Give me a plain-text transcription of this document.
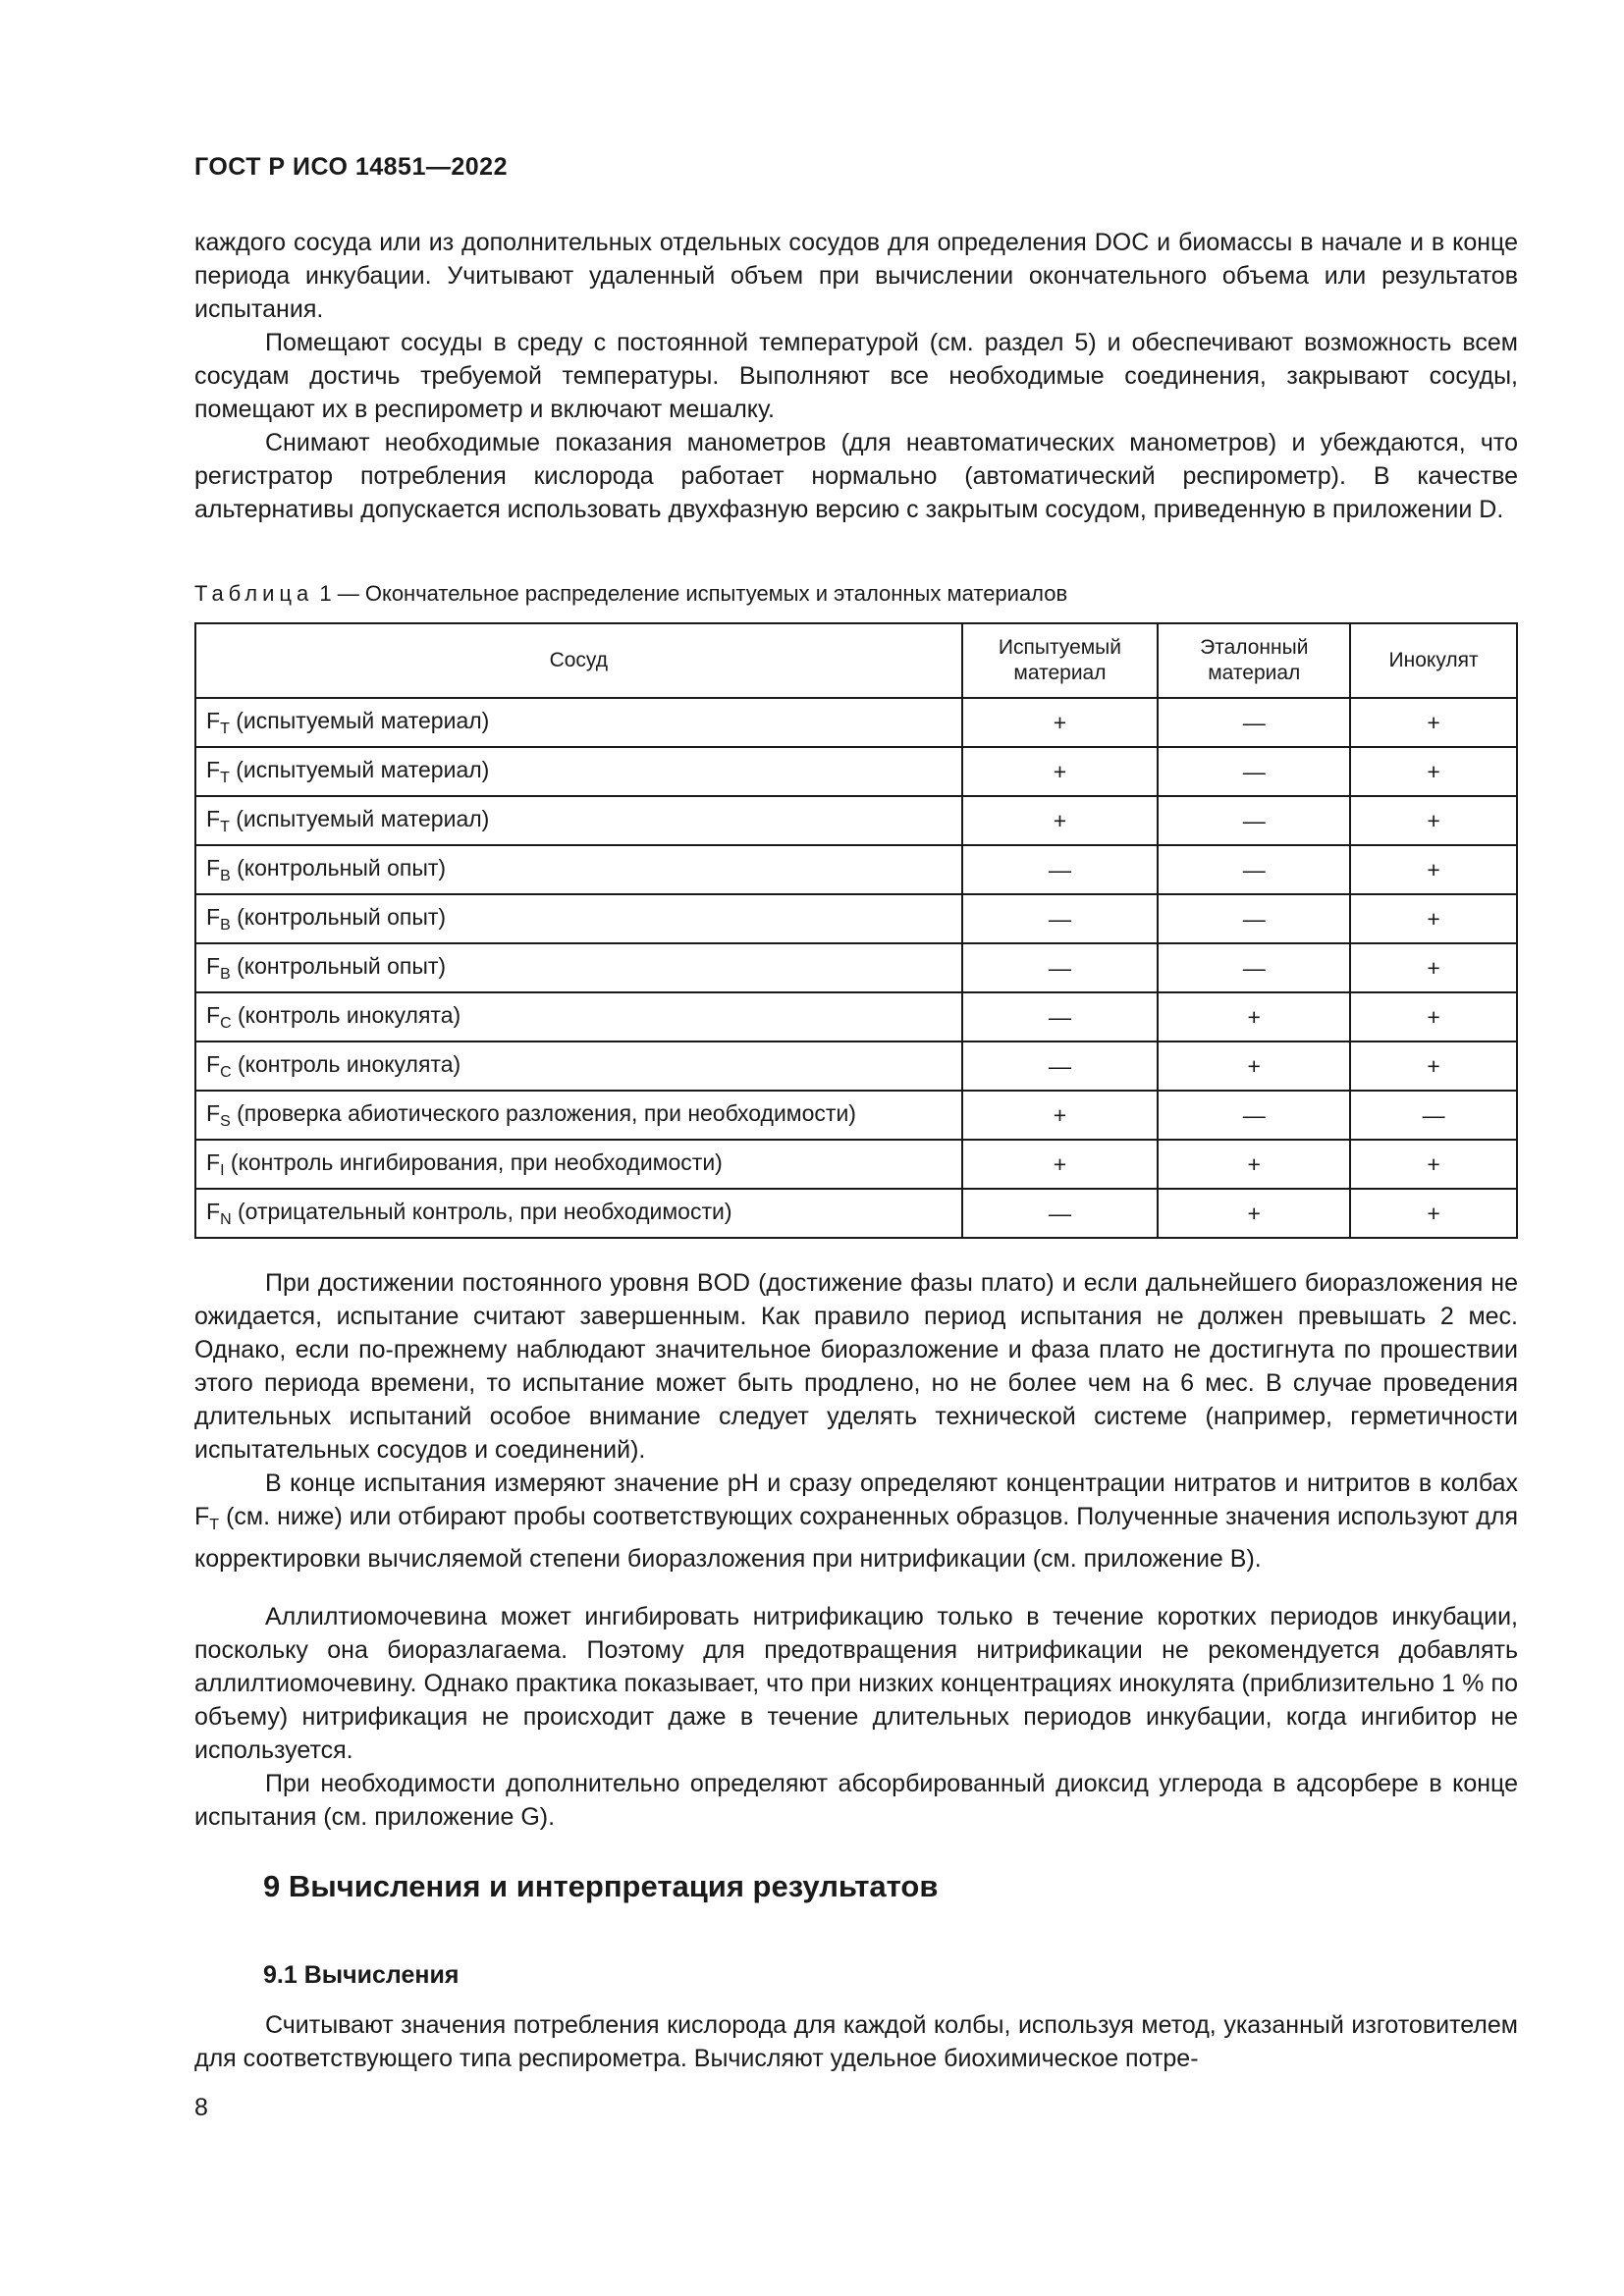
ГОСТ Р ИСО 14851—2022

каждого сосуда или из дополнительных отдельных сосудов для определения DOC и биомассы в начале и в конце периода инкубации. Учитывают удаленный объем при вычислении окончательного объема или результатов испытания.

Помещают сосуды в среду с постоянной температурой (см. раздел 5) и обеспечивают возможность всем сосудам достичь требуемой температуры. Выполняют все необходимые соединения, закрывают сосуды, помещают их в респирометр и включают мешалку.

Снимают необходимые показания манометров (для неавтоматических манометров) и убеждаются, что регистратор потребления кислорода работает нормально (автоматический респирометр). В качестве альтернативы допускается использовать двухфазную версию с закрытым сосудом, приведенную в приложении D.

Таблица 1 — Окончательное распределение испытуемых и эталонных материалов
Сосуд	Испытуемый материал	Эталонный материал	Инокулят
$F_T$ (испытуемый материал)	+	—	+
$F_T$ (испытуемый материал)	+	—	+
$F_T$ (испытуемый материал)	+	—	+
$F_B$ (контрольный опыт)	—	—	+
$F_B$ (контрольный опыт)	—	—	+
$F_B$ (контрольный опыт)	—	—	+
$F_C$ (контроль инокулята)	—	+	+
$F_C$ (контроль инокулята)	—	+	+
$F_S$ (проверка абиотического разложения, при необходимости)	+	—	—
$F_I$ (контроль ингибирования, при необходимости)	+	+	+
$F_N$ (отрицательный контроль, при необходимости)	—	+	+

При достижении постоянного уровня BOD (достижение фазы плато) и если дальнейшего биоразложения не ожидается, испытание считают завершенным. Как правило период испытания не должен превышать 2 мес. Однако, если по-прежнему наблюдают значительное биоразложение и фаза плато не достигнута по прошествии этого периода времени, то испытание может быть продлено, но не более чем на 6 мес. В случае проведения длительных испытаний особое внимание следует уделять технической системе (например, герметичности испытательных сосудов и соединений).

В конце испытания измеряют значение pH и сразу определяют концентрации нитратов и нитритов в колбах $F_T$ (см. ниже) или отбирают пробы соответствующих сохраненных образцов. Полученные значения используют для корректировки вычисляемой степени биоразложения при нитрификации (см. приложение B).

Аллилтиомочевина может ингибировать нитрификацию только в течение коротких периодов инкубации, поскольку она биоразлагаема. Поэтому для предотвращения нитрификации не рекомендуется добавлять аллилтиомочевину. Однако практика показывает, что при низких концентрациях инокулята (приблизительно 1 % по объему) нитрификация не происходит даже в течение длительных периодов инкубации, когда ингибитор не используется.

При необходимости дополнительно определяют абсорбированный диоксид углерода в адсорбере в конце испытания (см. приложение G).

9 Вычисления и интерпретация результатов
9.1 Вычисления

Считывают значения потребления кислорода для каждой колбы, используя метод, указанный изготовителем для соответствующего типа респирометра. Вычисляют удельное биохимическое потре-

8
